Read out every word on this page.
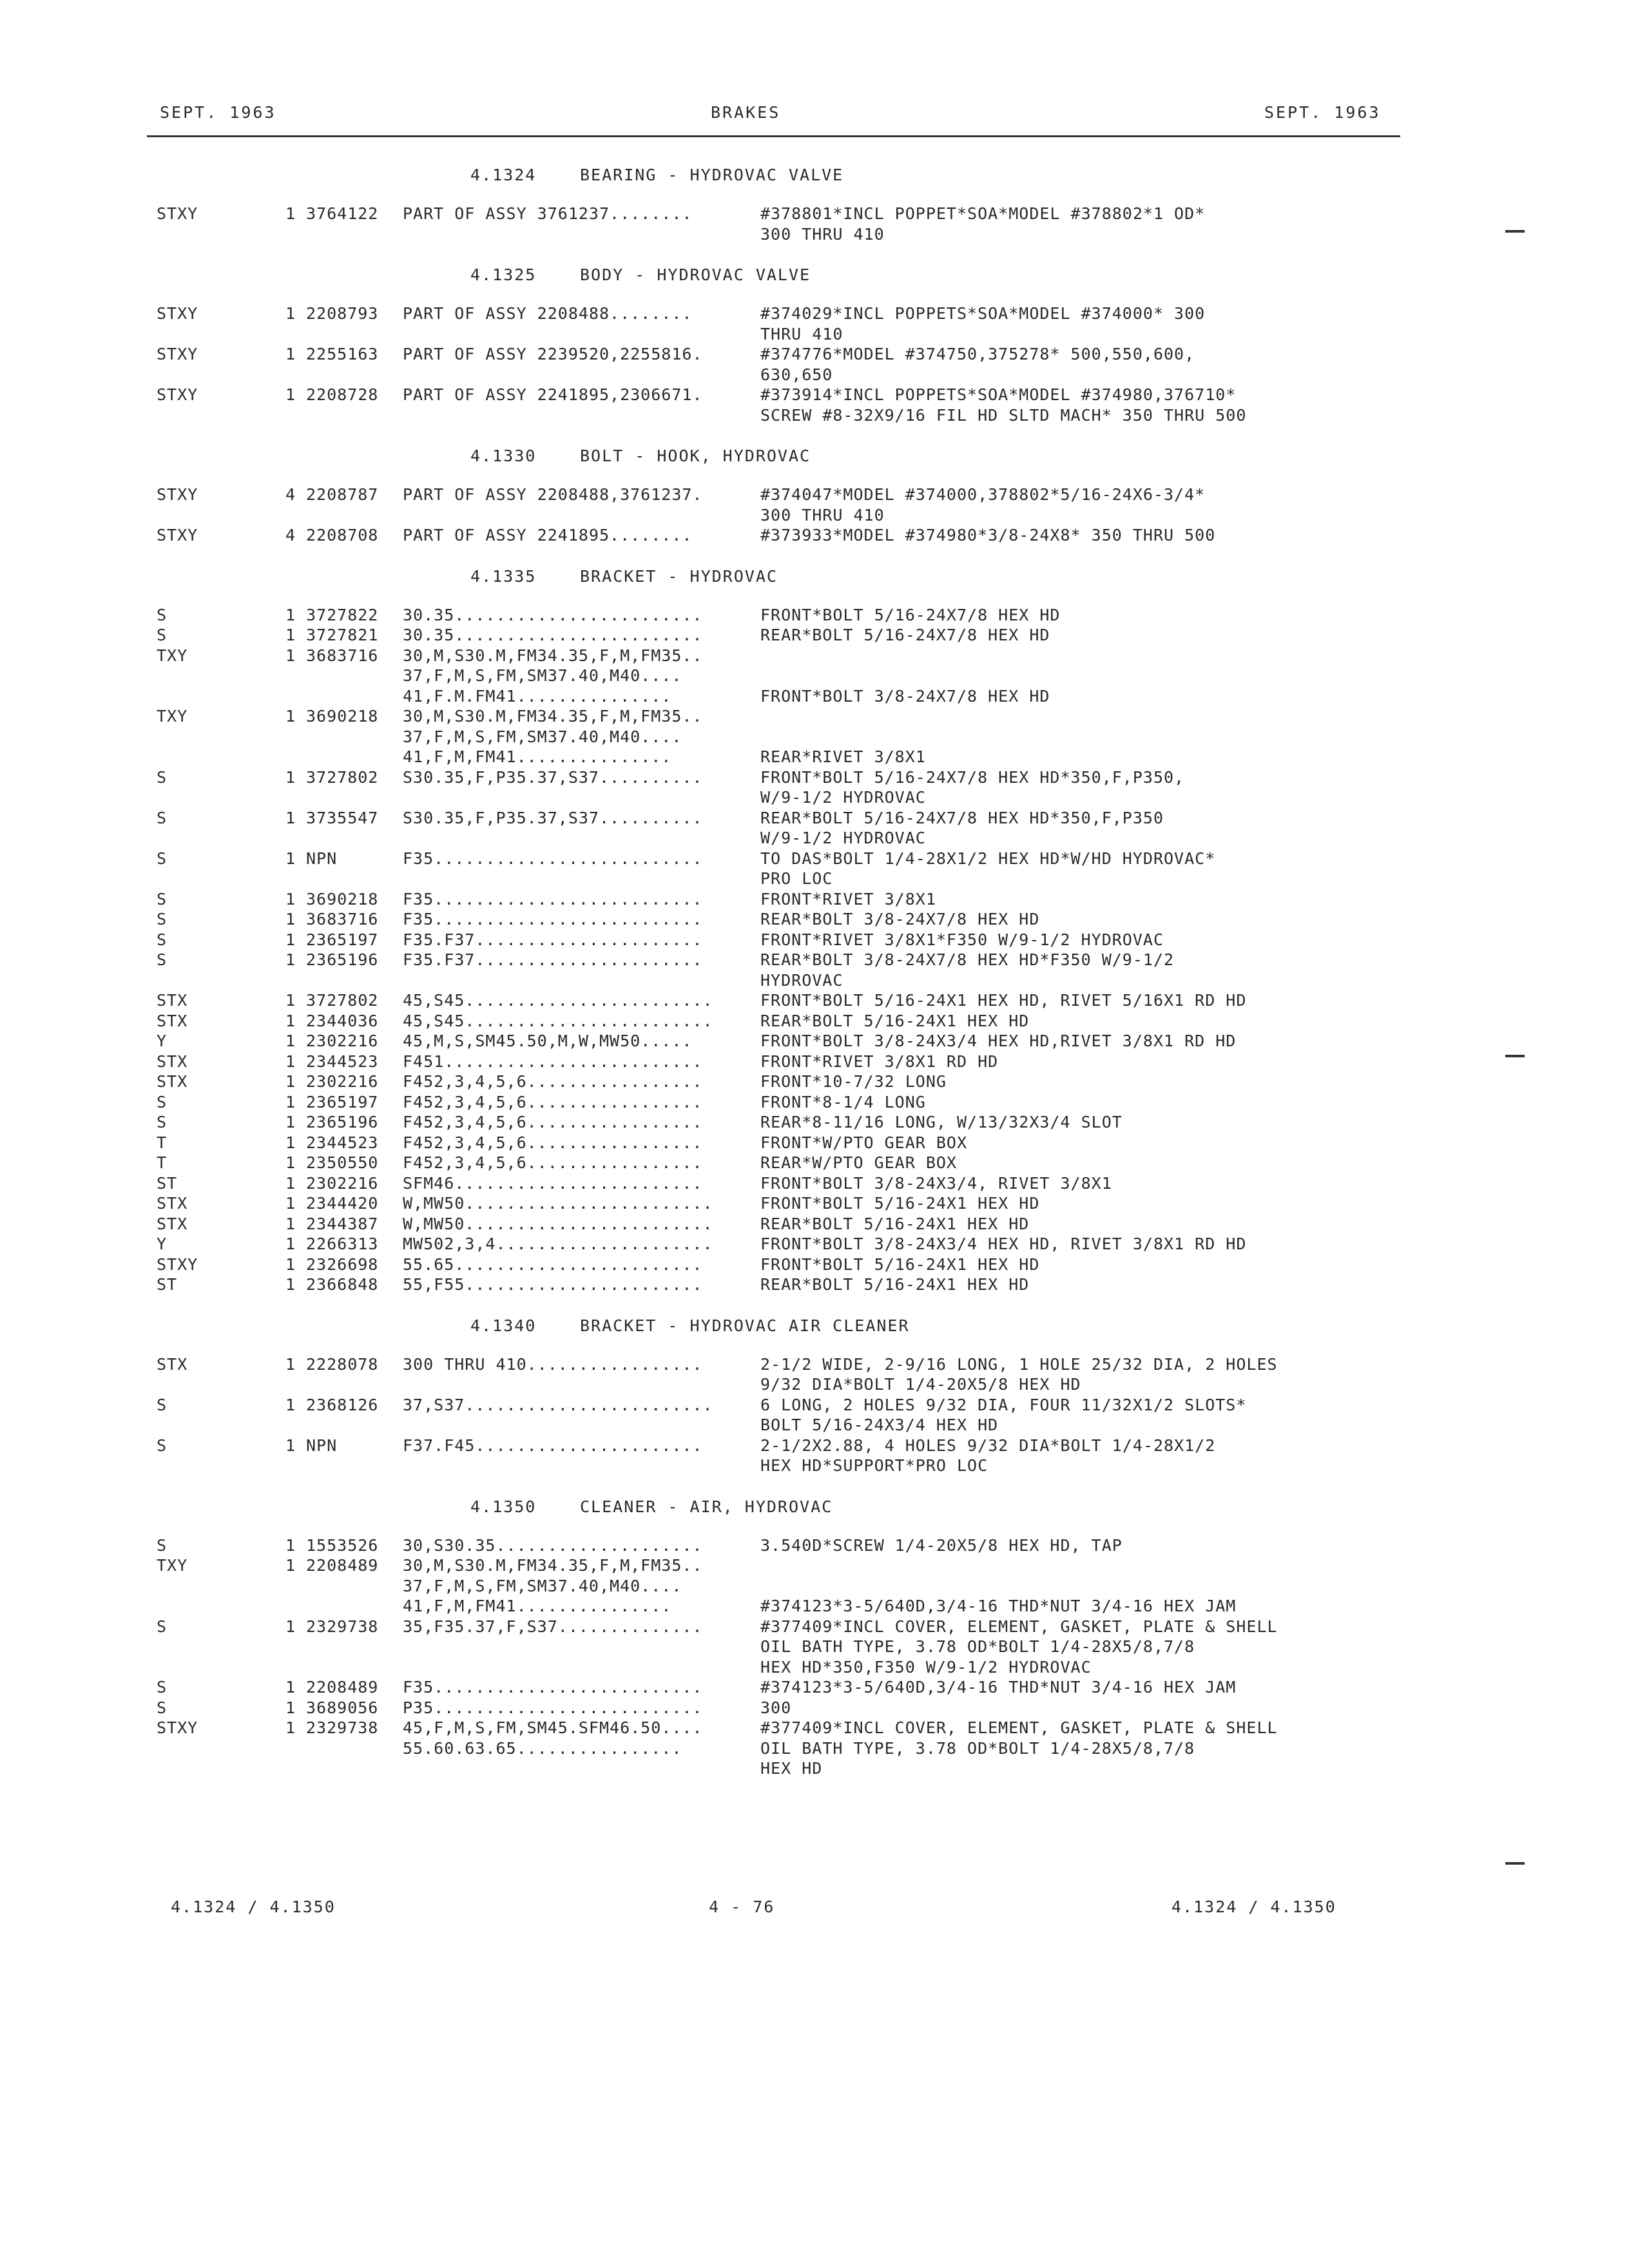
SEPT. 1963	BRAKES	SEPT. 1963
4.1324	BEARING - HYDROVAC VALVE
STXY	1 3764122	PART OF ASSY 3761237........	#378801*INCL POPPET*SOA*MODEL #378802*1 OD*
300 THRU 410
4.1325	BODY - HYDROVAC VALVE
STXY	1 2208793	PART OF ASSY 2208488........	#374029*INCL POPPETS*SOA*MODEL #374000* 300
THRU 410
STXY	1 2255163	PART OF ASSY 2239520,2255816.	#374776*MODEL #374750,375278* 500,550,600,
630,650
STXY	1 2208728	PART OF ASSY 2241895,2306671.	#373914*INCL POPPETS*SOA*MODEL #374980,376710*
SCREW #8-32X9/16 FIL HD SLTD MACH* 350 THRU 500
4.1330	BOLT - HOOK, HYDROVAC
STXY	4 2208787	PART OF ASSY 2208488,3761237.	#374047*MODEL #374000,378802*5/16-24X6-3/4*
300 THRU 410
STXY	4 2208708	PART OF ASSY 2241895........	#373933*MODEL #374980*3/8-24X8* 350 THRU 500
4.1335	BRACKET - HYDROVAC
S	1 3727822	30.35........................	FRONT*BOLT 5/16-24X7/8 HEX HD
S	1 3727821	30.35........................	REAR*BOLT 5/16-24X7/8 HEX HD
TXY	1 3683716	30,M,S30.M,FM34.35,F,M,FM35..
37,F,M,S,FM,SM37.40,M40....
41,F.M.FM41...............	FRONT*BOLT 3/8-24X7/8 HEX HD
TXY	1 3690218	30,M,S30.M,FM34.35,F,M,FM35..
37,F,M,S,FM,SM37.40,M40....
41,F,M,FM41...............	REAR*RIVET 3/8X1
S	1 3727802	S30.35,F,P35.37,S37..........	FRONT*BOLT 5/16-24X7/8 HEX HD*350,F,P350,
W/9-1/2 HYDROVAC
S	1 3735547	S30.35,F,P35.37,S37..........	REAR*BOLT 5/16-24X7/8 HEX HD*350,F,P350
W/9-1/2 HYDROVAC
S	1 NPN	F35..........................	TO DAS*BOLT 1/4-28X1/2 HEX HD*W/HD HYDROVAC*
PRO LOC
S	1 3690218	F35..........................	FRONT*RIVET 3/8X1
S	1 3683716	F35..........................	REAR*BOLT 3/8-24X7/8 HEX HD
S	1 2365197	F35.F37......................	FRONT*RIVET 3/8X1*F350 W/9-1/2 HYDROVAC
S	1 2365196	F35.F37......................	REAR*BOLT 3/8-24X7/8 HEX HD*F350 W/9-1/2
HYDROVAC
STX	1 3727802	45,S45........................	FRONT*BOLT 5/16-24X1 HEX HD, RIVET 5/16X1 RD HD
STX	1 2344036	45,S45........................	REAR*BOLT 5/16-24X1 HEX HD
Y	1 2302216	45,M,S,SM45.50,M,W,MW50.....	FRONT*BOLT 3/8-24X3/4 HEX HD,RIVET 3/8X1 RD HD
STX	1 2344523	F451.........................	FRONT*RIVET 3/8X1 RD HD
STX	1 2302216	F452,3,4,5,6.................	FRONT*10-7/32 LONG
S	1 2365197	F452,3,4,5,6.................	FRONT*8-1/4 LONG
S	1 2365196	F452,3,4,5,6.................	REAR*8-11/16 LONG, W/13/32X3/4 SLOT
T	1 2344523	F452,3,4,5,6.................	FRONT*W/PTO GEAR BOX
T	1 2350550	F452,3,4,5,6.................	REAR*W/PTO GEAR BOX
ST	1 2302216	SFM46........................	FRONT*BOLT 3/8-24X3/4, RIVET 3/8X1
STX	1 2344420	W,MW50........................	FRONT*BOLT 5/16-24X1 HEX HD
STX	1 2344387	W,MW50........................	REAR*BOLT 5/16-24X1 HEX HD
Y	1 2266313	MW502,3,4.....................	FRONT*BOLT 3/8-24X3/4 HEX HD, RIVET 3/8X1 RD HD
STXY	1 2326698	55.65........................	FRONT*BOLT 5/16-24X1 HEX HD
ST	1 2366848	55,F55.......................	REAR*BOLT 5/16-24X1 HEX HD
4.1340	BRACKET - HYDROVAC AIR CLEANER
STX	1 2228078	300 THRU 410.................	2-1/2 WIDE, 2-9/16 LONG, 1 HOLE 25/32 DIA, 2 HOLES
9/32 DIA*BOLT 1/4-20X5/8 HEX HD
S	1 2368126	37,S37........................	6 LONG, 2 HOLES 9/32 DIA, FOUR 11/32X1/2 SLOTS*
BOLT 5/16-24X3/4 HEX HD
S	1 NPN	F37.F45......................	2-1/2X2.88, 4 HOLES 9/32 DIA*BOLT 1/4-28X1/2
HEX HD*SUPPORT*PRO LOC
4.1350	CLEANER - AIR, HYDROVAC
S	1 1553526	30,S30.35....................	3.540D*SCREW 1/4-20X5/8 HEX HD, TAP
TXY	1 2208489	30,M,S30.M,FM34.35,F,M,FM35..
37,F,M,S,FM,SM37.40,M40....
41,F,M,FM41...............	#374123*3-5/640D,3/4-16 THD*NUT 3/4-16 HEX JAM
S	1 2329738	35,F35.37,F,S37..............	#377409*INCL COVER, ELEMENT, GASKET, PLATE & SHELL
OIL BATH TYPE, 3.78 OD*BOLT 1/4-28X5/8,7/8
HEX HD*350,F350 W/9-1/2 HYDROVAC
S	1 2208489	F35..........................	#374123*3-5/640D,3/4-16 THD*NUT 3/4-16 HEX JAM
S	1 3689056	P35..........................	300
STXY	1 2329738	45,F,M,S,FM,SM45.SFM46.50....	#377409*INCL COVER, ELEMENT, GASKET, PLATE & SHELL
55.60.63.65................	OIL BATH TYPE, 3.78 OD*BOLT 1/4-28X5/8,7/8
HEX HD
4.1324 / 4.1350	4 - 76	4.1324 / 4.1350
